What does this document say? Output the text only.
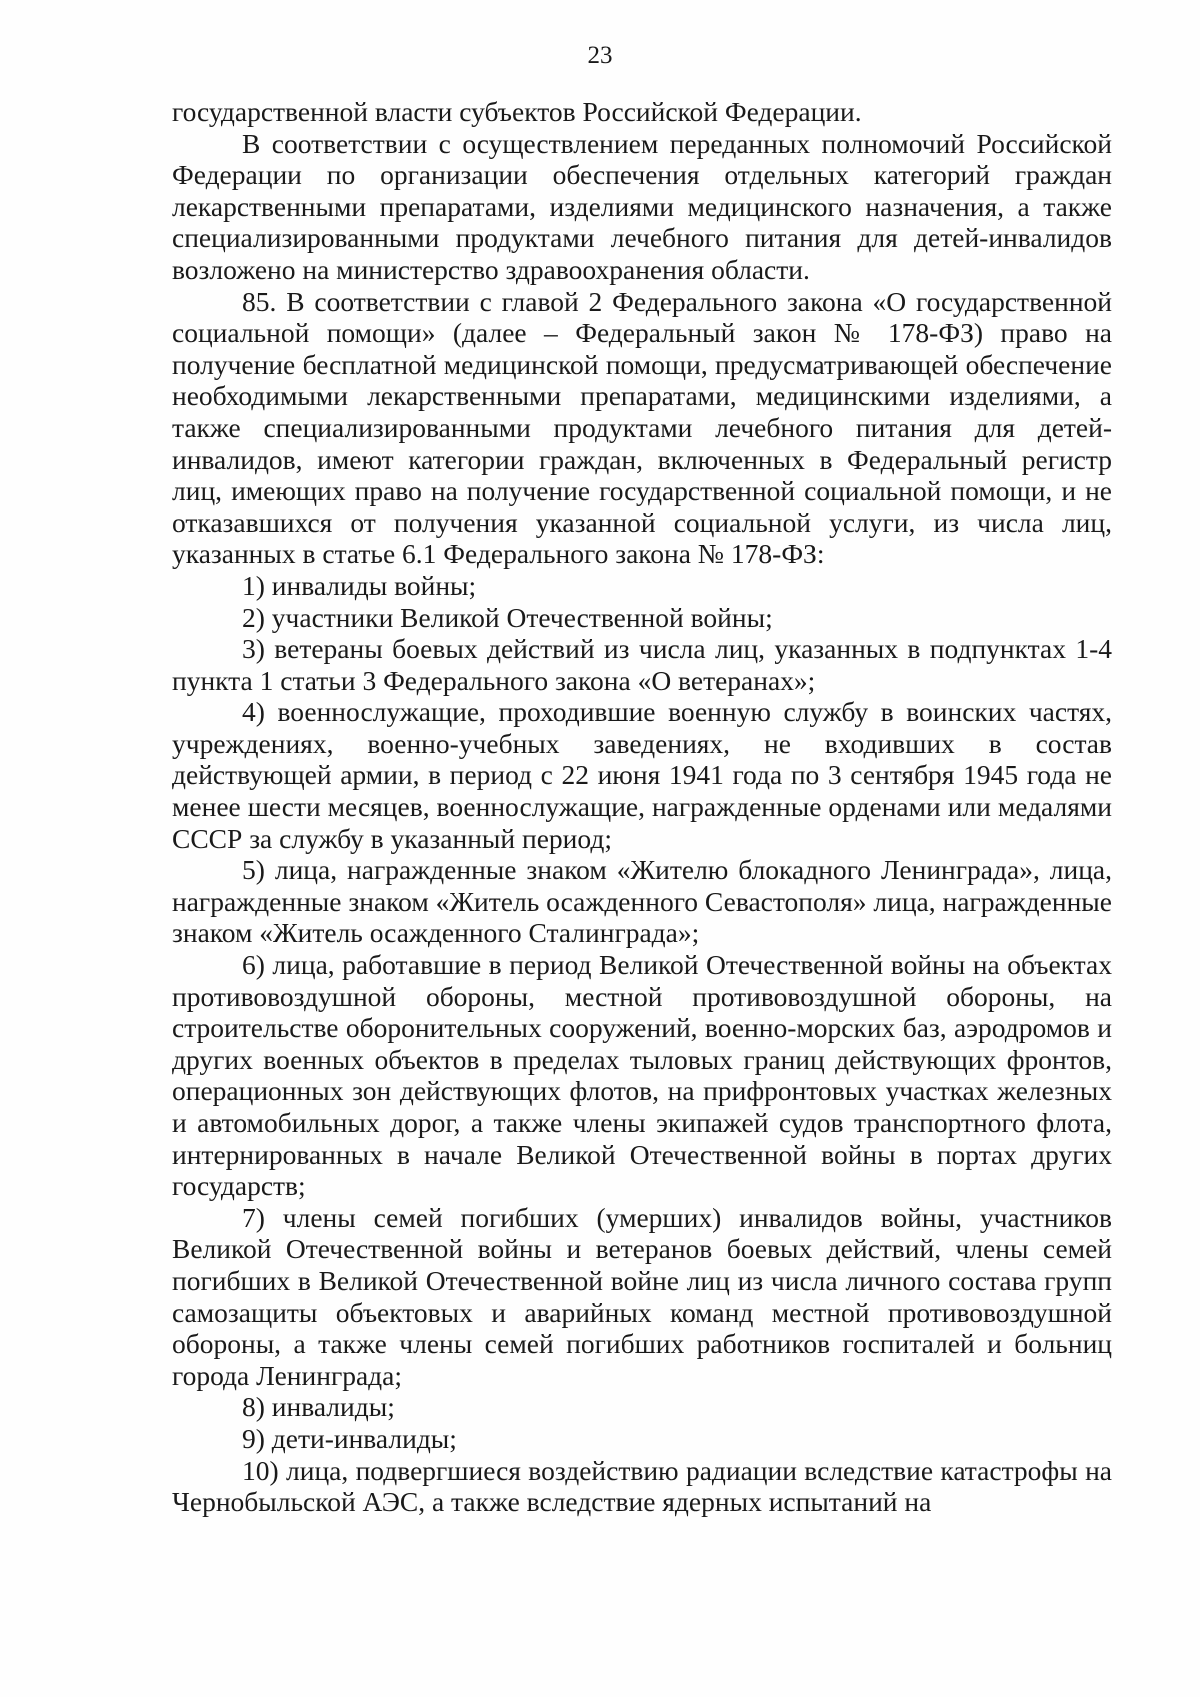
23

государственной власти субъектов Российской Федерации.

В соответствии с осуществлением переданных полномочий Российской Федерации по организации обеспечения отдельных категорий граждан лекарственными препаратами, изделиями медицинского назначения, а также специализированными продуктами лечебного питания для детей-инвалидов возложено на министерство здравоохранения области.

85. В соответствии с главой 2 Федерального закона «О государственной социальной помощи» (далее – Федеральный закон № 178-ФЗ) право на получение бесплатной медицинской помощи, предусматривающей обеспечение необходимыми лекарственными препаратами, медицинскими изделиями, а также специализированными продуктами лечебного питания для детей-инвалидов, имеют категории граждан, включенных в Федеральный регистр лиц, имеющих право на получение государственной социальной помощи, и не отказавшихся от получения указанной социальной услуги, из числа лиц, указанных в статье 6.1 Федерального закона № 178-ФЗ:

1) инвалиды войны;

2) участники Великой Отечественной войны;

3) ветераны боевых действий из числа лиц, указанных в подпунктах 1-4 пункта 1 статьи 3 Федерального закона «О ветеранах»;

4) военнослужащие, проходившие военную службу в воинских частях, учреждениях, военно-учебных заведениях, не входивших в состав действующей армии, в период с 22 июня 1941 года по 3 сентября 1945 года не менее шести месяцев, военнослужащие, награжденные орденами или медалями СССР за службу в указанный период;

5) лица, награжденные знаком «Жителю блокадного Ленинграда», лица, награжденные знаком «Житель осажденного Севастополя» лица, награжденные знаком «Житель осажденного Сталинграда»;

6) лица, работавшие в период Великой Отечественной войны на объектах противовоздушной обороны, местной противовоздушной обороны, на строительстве оборонительных сооружений, военно-морских баз, аэродромов и других военных объектов в пределах тыловых границ действующих фронтов, операционных зон действующих флотов, на прифронтовых участках железных и автомобильных дорог, а также члены экипажей судов транспортного флота, интернированных в начале Великой Отечественной войны в портах других государств;

7) члены семей погибших (умерших) инвалидов войны, участников Великой Отечественной войны и ветеранов боевых действий, члены семей погибших в Великой Отечественной войне лиц из числа личного состава групп самозащиты объектовых и аварийных команд местной противовоздушной обороны, а также члены семей погибших работников госпиталей и больниц города Ленинграда;

8) инвалиды;

9) дети-инвалиды;

10) лица, подвергшиеся воздействию радиации вследствие катастрофы на Чернобыльской АЭС, а также вследствие ядерных испытаний на
